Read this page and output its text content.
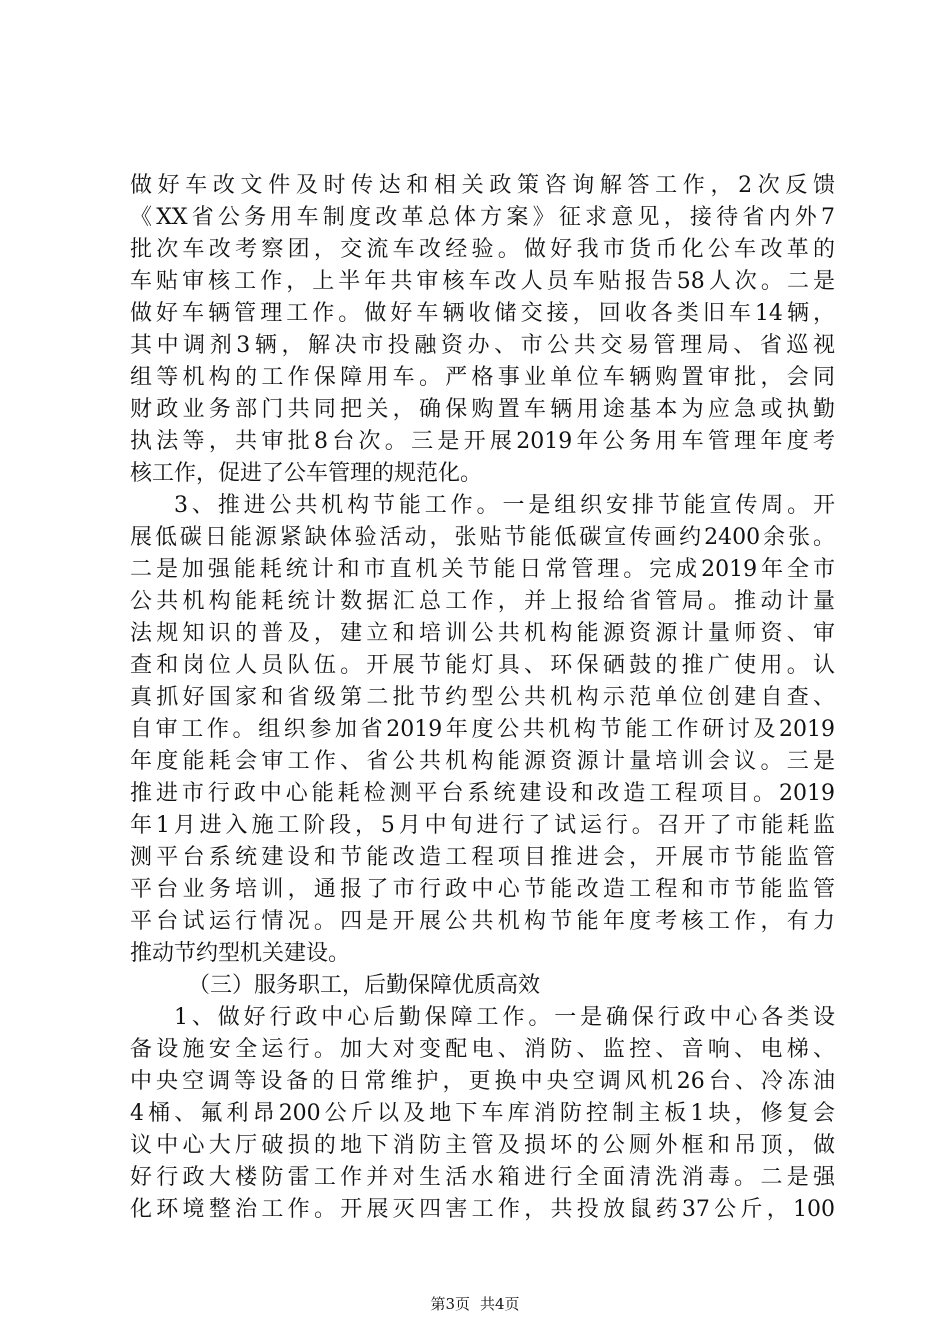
做好车改文件及时传达和相关政策咨询解答工作，2次反馈
《XX省公务用车制度改革总体方案》征求意见，接待省内外7
批次车改考察团，交流车改经验。做好我市货币化公车改革的
车贴审核工作，上半年共审核车改人员车贴报告58人次。二是
做好车辆管理工作。做好车辆收储交接，回收各类旧车14辆，
其中调剂3辆，解决市投融资办、市公共交易管理局、省巡视
组等机构的工作保障用车。严格事业单位车辆购置审批，会同
财政业务部门共同把关，确保购置车辆用途基本为应急或执勤
执法等，共审批8台次。三是开展2019年公务用车管理年度考
核工作，促进了公车管理的规范化。
3、推进公共机构节能工作。一是组织安排节能宣传周。开
展低碳日能源紧缺体验活动，张贴节能低碳宣传画约2400余张。
二是加强能耗统计和市直机关节能日常管理。完成2019年全市
公共机构能耗统计数据汇总工作，并上报给省管局。推动计量
法规知识的普及，建立和培训公共机构能源资源计量师资、审
查和岗位人员队伍。开展节能灯具、环保硒鼓的推广使用。认
真抓好国家和省级第二批节约型公共机构示范单位创建自查、
自审工作。组织参加省2019年度公共机构节能工作研讨及2019
年度能耗会审工作、省公共机构能源资源计量培训会议。三是
推进市行政中心能耗检测平台系统建设和改造工程项目。2019
年1月进入施工阶段，5月中旬进行了试运行。召开了市能耗监
测平台系统建设和节能改造工程项目推进会，开展市节能监管
平台业务培训，通报了市行政中心节能改造工程和市节能监管
平台试运行情况。四是开展公共机构节能年度考核工作，有力
推动节约型机关建设。
（三）服务职工，后勤保障优质高效
1、做好行政中心后勤保障工作。一是确保行政中心各类设
备设施安全运行。加大对变配电、消防、监控、音响、电梯、
中央空调等设备的日常维护，更换中央空调风机26台、冷冻油
4桶、氟利昂200公斤以及地下车库消防控制主板1块，修复会
议中心大厅破损的地下消防主管及损坏的公厕外框和吊顶，做
好行政大楼防雷工作并对生活水箱进行全面清洗消毒。二是强
化环境整治工作。开展灭四害工作，共投放鼠药37公斤，100
第3页 共4页
